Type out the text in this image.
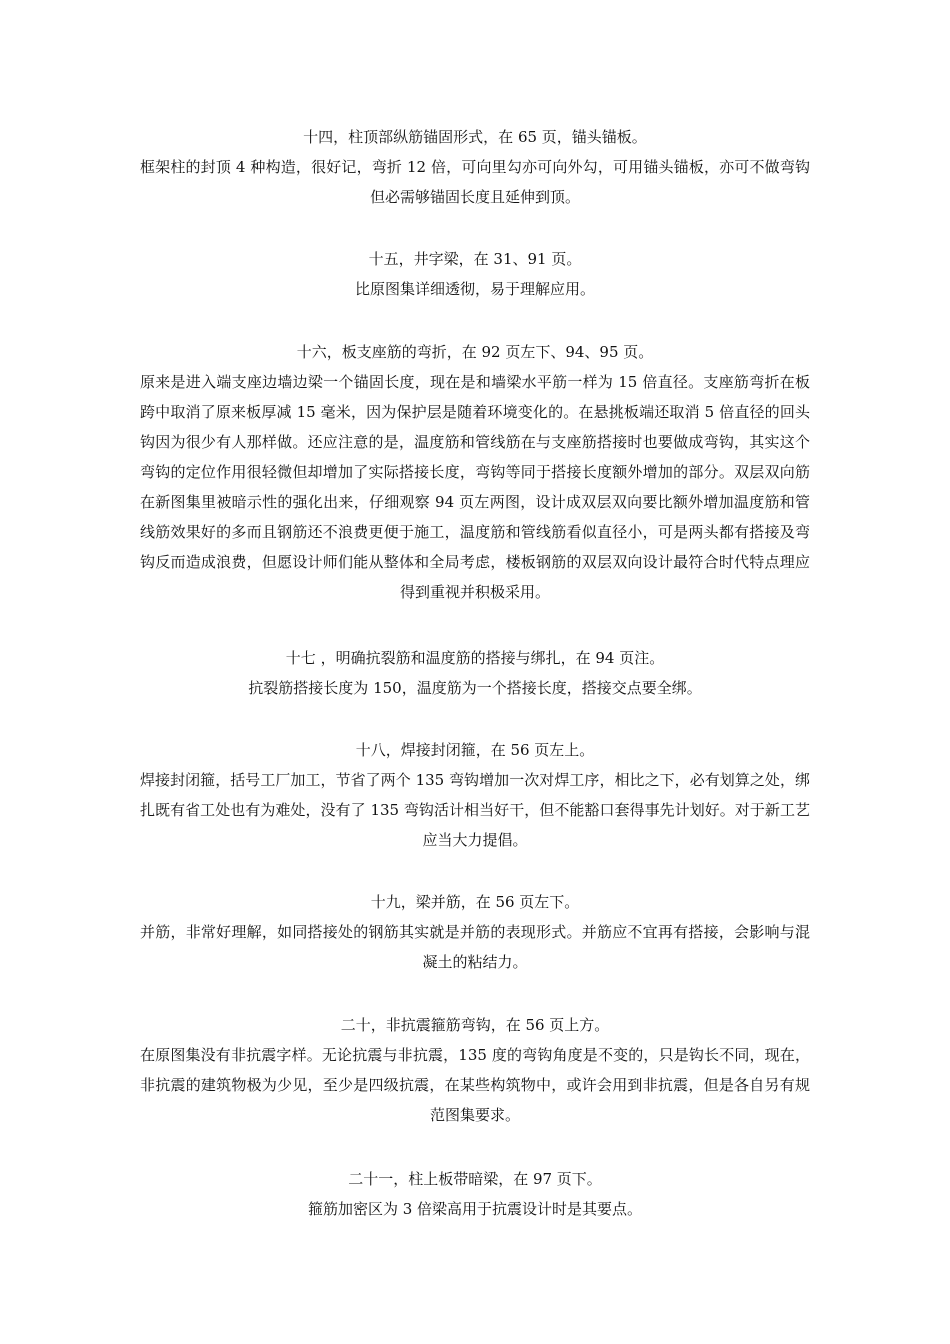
十四，柱顶部纵筋锚固形式，在 65 页，锚头锚板。

框架柱的封顶 4 种构造，很好记，弯折 12 倍，可向里勾亦可向外勾，可用锚头锚板，亦可不做弯钩但必需够锚固长度且延伸到顶。

十五，井字梁，在 31、91 页。

比原图集详细透彻，易于理解应用。

十六，板支座筋的弯折，在 92 页左下、94、95 页。

原来是进入端支座边墙边梁一个锚固长度，现在是和墙梁水平筋一样为 15 倍直径。支座筋弯折在板跨中取消了原来板厚减 15 毫米，因为保护层是随着环境变化的。在悬挑板端还取消 5 倍直径的回头钩因为很少有人那样做。还应注意的是，温度筋和管线筋在与支座筋搭接时也要做成弯钩，其实这个弯钩的定位作用很轻微但却增加了实际搭接长度，弯钩等同于搭接长度额外增加的部分。双层双向筋在新图集里被暗示性的强化出来，仔细观察 94 页左两图，设计成双层双向要比额外增加温度筋和管线筋效果好的多而且钢筋还不浪费更便于施工，温度筋和管线筋看似直径小，可是两头都有搭接及弯钩反而造成浪费，但愿设计师们能从整体和全局考虑，楼板钢筋的双层双向设计最符合时代特点理应得到重视并积极采用。

十七 ，明确抗裂筋和温度筋的搭接与绑扎，在 94 页注。

抗裂筋搭接长度为 150，温度筋为一个搭接长度，搭接交点要全绑。

十八，焊接封闭箍，在 56 页左上。

焊接封闭箍，括号工厂加工，节省了两个 135 弯钩增加一次对焊工序，相比之下，必有划算之处，绑扎既有省工处也有为难处，没有了 135 弯钩活计相当好干，但不能豁口套得事先计划好。对于新工艺应当大力提倡。

十九，梁并筋，在 56 页左下。

并筋，非常好理解，如同搭接处的钢筋其实就是并筋的表现形式。并筋应不宜再有搭接，会影响与混凝土的粘结力。

二十，非抗震箍筋弯钩，在 56 页上方。

在原图集没有非抗震字样。无论抗震与非抗震，135 度的弯钩角度是不变的，只是钩长不同，现在，非抗震的建筑物极为少见，至少是四级抗震，在某些构筑物中，或许会用到非抗震，但是各自另有规范图集要求。

二十一，柱上板带暗梁，在 97 页下。

箍筋加密区为 3 倍梁高用于抗震设计时是其要点。
